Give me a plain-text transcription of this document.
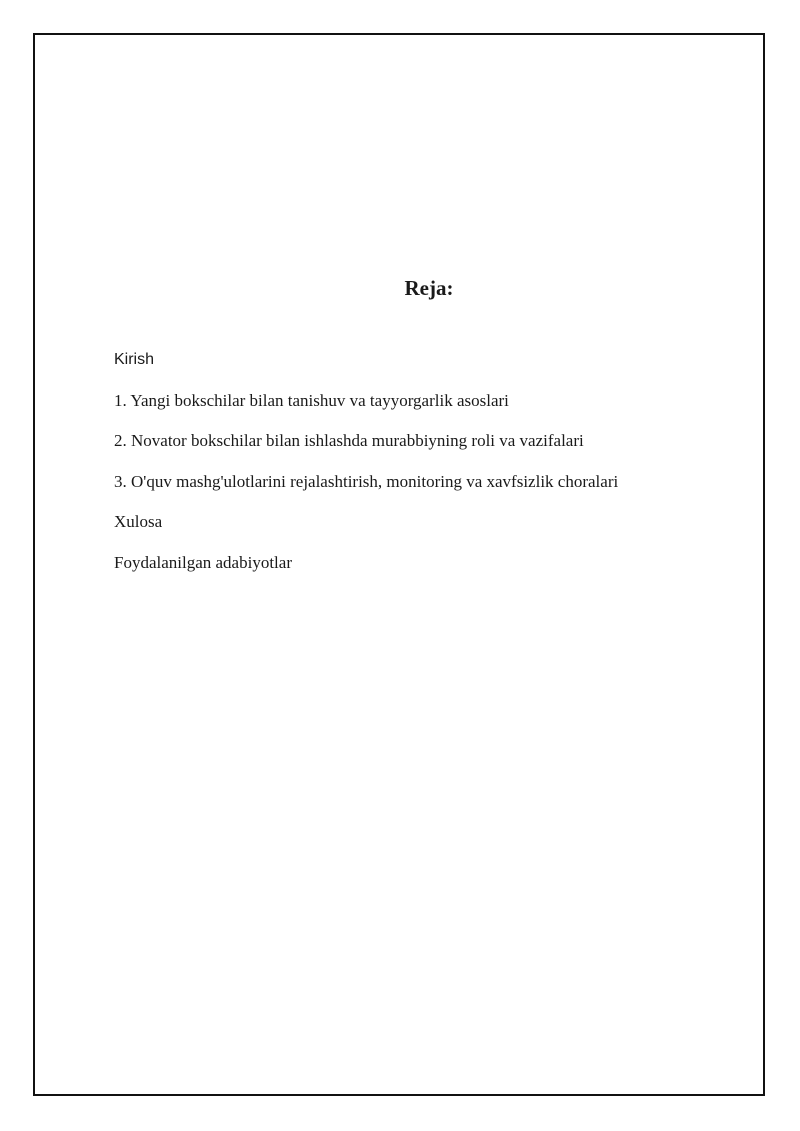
Reja:
Kirish
1. Yangi bokschilar bilan tanishuv va tayyorgarlik asoslari
2. Novator bokschilar bilan ishlashda murabbiyning roli va vazifalari
3. O'quv mashg'ulotlarini rejalashtirish, monitoring va xavfsizlik choralari
Xulosa
Foydalanilgan adabiyotlar
